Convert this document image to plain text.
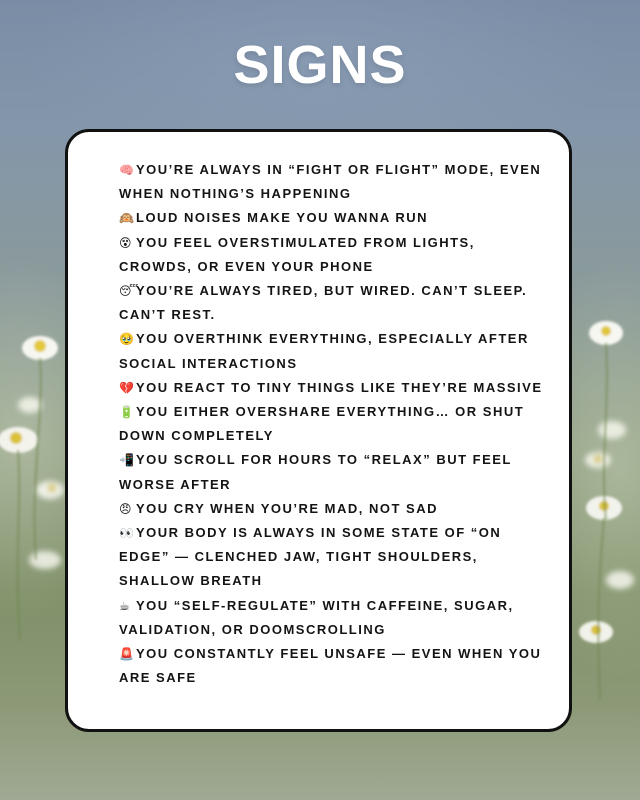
SIGNS
🧠 YOU’RE ALWAYS IN “FIGHT OR FLIGHT” MODE, EVEN WHEN NOTHING’S HAPPENING
🙉 LOUD NOISES MAKE YOU WANNA RUN
😵 YOU FEEL OVERSTIMULATED FROM LIGHTS, CROWDS, OR EVEN YOUR PHONE
😴YOU’RE ALWAYS TIRED, BUT WIRED. CAN’T SLEEP. CAN’T REST.
🥹 YOU OVERTHINK EVERYTHING, ESPECIALLY AFTER SOCIAL INTERACTIONS
💔 YOU REACT TO TINY THINGS LIKE THEY’RE MASSIVE
🔋 YOU EITHER OVERSHARE EVERYTHING… OR SHUT DOWN COMPLETELY
📲 YOU SCROLL FOR HOURS TO “RELAX” BUT FEEL WORSE AFTER
😠 YOU CRY WHEN YOU’RE MAD, NOT SAD
👀 YOUR BODY IS ALWAYS IN SOME STATE OF “ON EDGE” — CLENCHED JAW, TIGHT SHOULDERS, SHALLOW BREATH
☕ YOU “SELF-REGULATE” WITH CAFFEINE, SUGAR, VALIDATION, OR DOOMSCROLLING
🚨 YOU CONSTANTLY FEEL UNSAFE — EVEN WHEN YOU ARE SAFE
